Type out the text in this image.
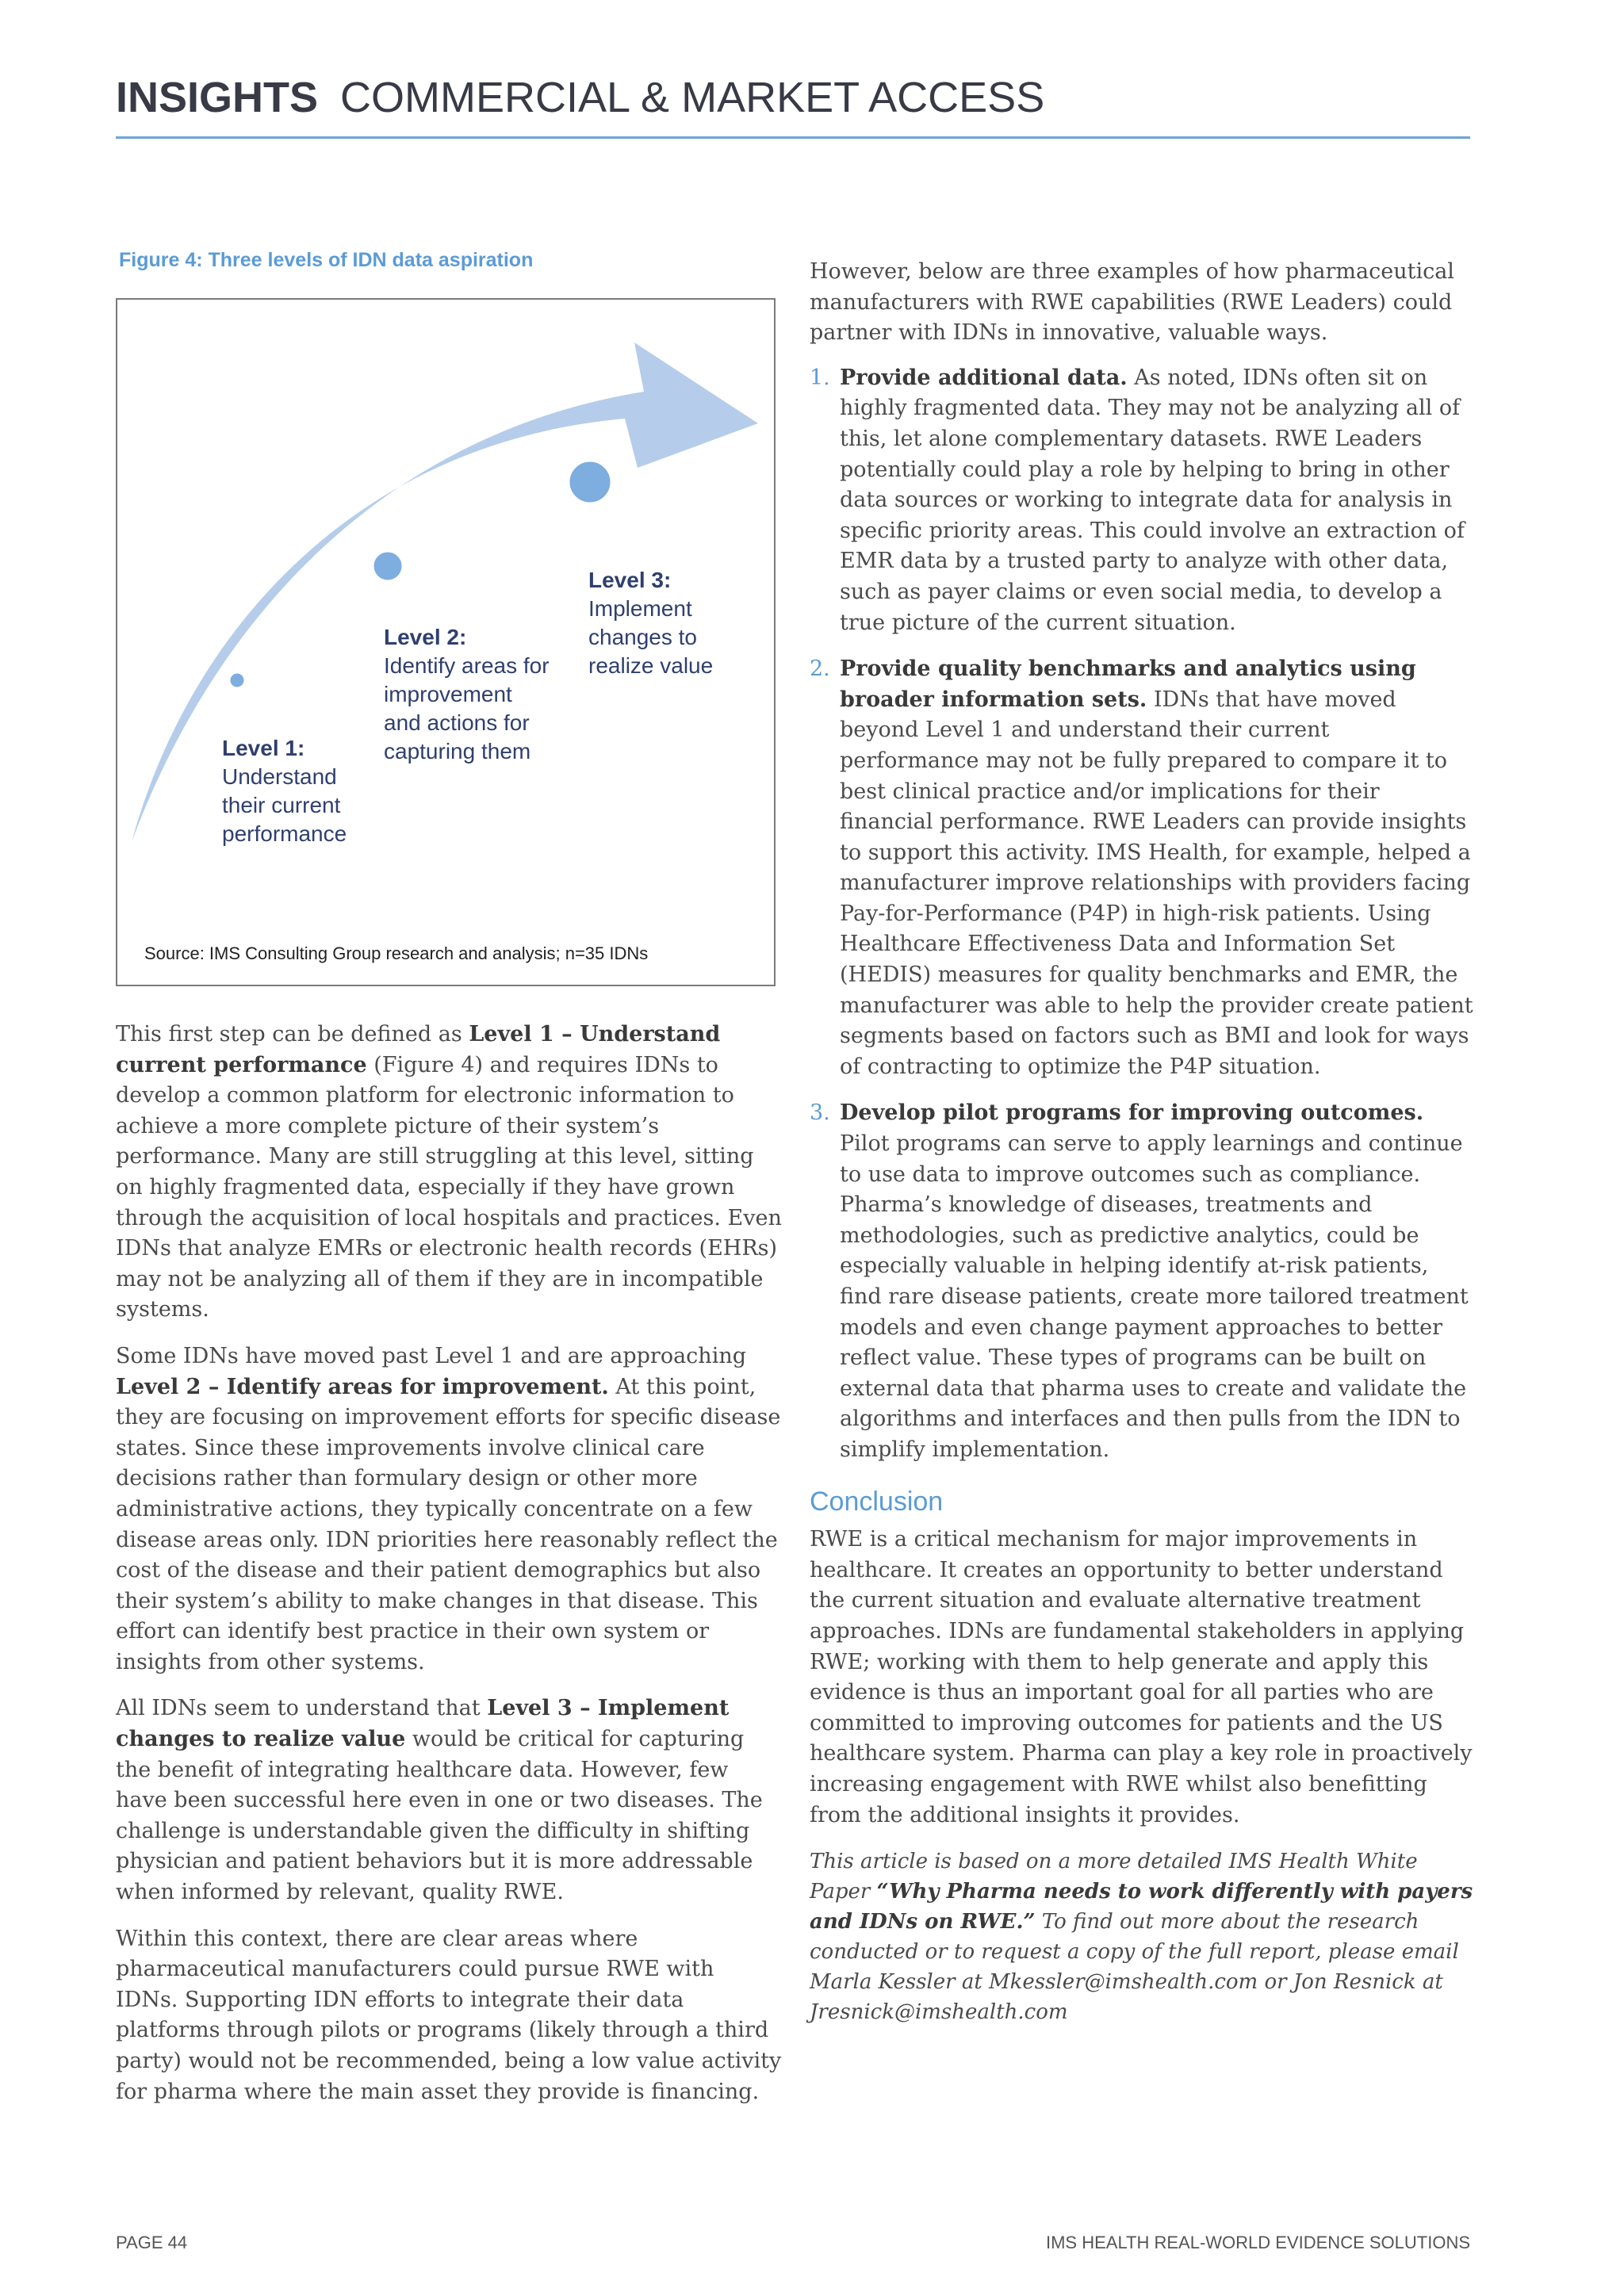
INSIGHTS COMMERCIAL & MARKET ACCESS
Figure 4: Three levels of IDN data aspiration
Level 1:
Understand
their current
performance
Level 2:
Identify areas for
improvement
and actions for
capturing them
Level 3:
Implement
changes to
realize value
Source: IMS Consulting Group research and analysis; n=35 IDNs

This first step can be defined as Level 1 – Understand current performance (Figure 4) and requires IDNs to develop a common platform for electronic information to achieve a more complete picture of their system’s performance. Many are still struggling at this level, sitting on highly fragmented data, especially if they have grown through the acquisition of local hospitals and practices. Even IDNs that analyze EMRs or electronic health records (EHRs) may not be analyzing all of them if they are in incompatible systems.

Some IDNs have moved past Level 1 and are approaching Level 2 – Identify areas for improvement. At this point, they are focusing on improvement efforts for specific disease states. Since these improvements involve clinical care decisions rather than formulary design or other more administrative actions, they typically concentrate on a few disease areas only. IDN priorities here reasonably reflect the cost of the disease and their patient demographics but also their system’s ability to make changes in that disease. This effort can identify best practice in their own system or insights from other systems.

All IDNs seem to understand that Level 3 – Implement changes to realize value would be critical for capturing the benefit of integrating healthcare data. However, few have been successful here even in one or two diseases. The challenge is understandable given the difficulty in shifting physician and patient behaviors but it is more addressable when informed by relevant, quality RWE.

Within this context, there are clear areas where pharmaceutical manufacturers could pursue RWE with IDNs. Supporting IDN efforts to integrate their data platforms through pilots or programs (likely through a third party) would not be recommended, being a low value activity for pharma where the main asset they provide is financing.

However, below are three examples of how pharmaceutical manufacturers with RWE capabilities (RWE Leaders) could partner with IDNs in innovative, valuable ways.

1. Provide additional data. As noted, IDNs often sit on highly fragmented data. They may not be analyzing all of this, let alone complementary datasets. RWE Leaders potentially could play a role by helping to bring in other data sources or working to integrate data for analysis in specific priority areas. This could involve an extraction of EMR data by a trusted party to analyze with other data, such as payer claims or even social media, to develop a true picture of the current situation.
2. Provide quality benchmarks and analytics using broader information sets. IDNs that have moved beyond Level 1 and understand their current performance may not be fully prepared to compare it to best clinical practice and/or implications for their financial performance. RWE Leaders can provide insights to support this activity. IMS Health, for example, helped a manufacturer improve relationships with providers facing Pay-for-Performance (P4P) in high-risk patients. Using Healthcare Effectiveness Data and Information Set (HEDIS) measures for quality benchmarks and EMR, the manufacturer was able to help the provider create patient segments based on factors such as BMI and look for ways of contracting to optimize the P4P situation.
3. Develop pilot programs for improving outcomes. Pilot programs can serve to apply learnings and continue to use data to improve outcomes such as compliance. Pharma’s knowledge of diseases, treatments and methodologies, such as predictive analytics, could be especially valuable in helping identify at-risk patients, find rare disease patients, create more tailored treatment models and even change payment approaches to better reflect value. These types of programs can be built on external data that pharma uses to create and validate the algorithms and interfaces and then pulls from the IDN to simplify implementation.
Conclusion

RWE is a critical mechanism for major improvements in healthcare. It creates an opportunity to better understand the current situation and evaluate alternative treatment approaches. IDNs are fundamental stakeholders in applying RWE; working with them to help generate and apply this evidence is thus an important goal for all parties who are committed to improving outcomes for patients and the US healthcare system. Pharma can play a key role in proactively increasing engagement with RWE whilst also benefitting from the additional insights it provides.

This article is based on a more detailed IMS Health White Paper “Why Pharma needs to work differently with payers and IDNs on RWE.” To find out more about the research conducted or to request a copy of the full report, please email Marla Kessler at Mkessler@imshealth.com or Jon Resnick at Jresnick@imshealth.com

PAGE 44	IMS HEALTH REAL-WORLD EVIDENCE SOLUTIONS
